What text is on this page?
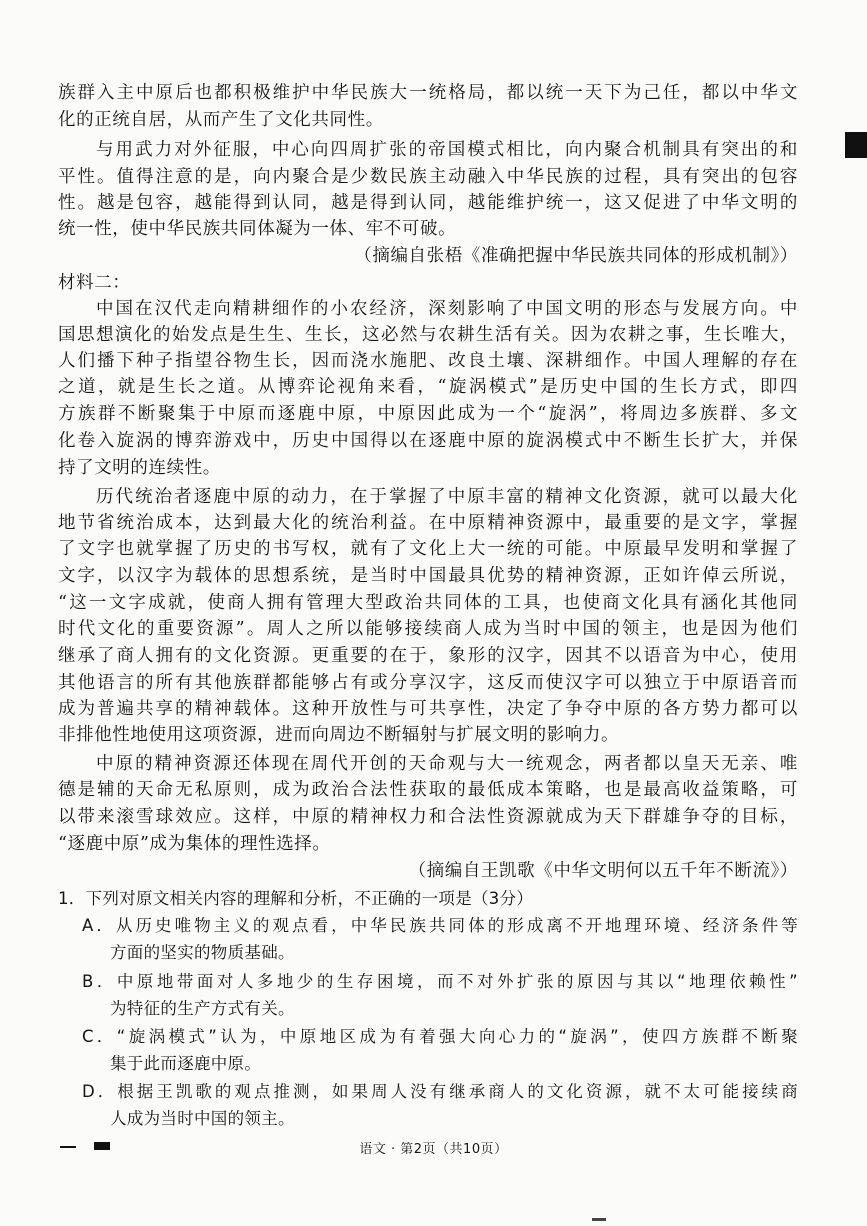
族群入主中原后也都积极维护中华民族大一统格局，都以统一天下为己任，都以中华文
化的正统自居，从而产生了文化共同性。
与用武力对外征服，中心向四周扩张的帝国模式相比，向内聚合机制具有突出的和
平性。值得注意的是，向内聚合是少数民族主动融入中华民族的过程，具有突出的包容
性。越是包容，越能得到认同，越是得到认同，越能维护统一，这又促进了中华文明的
统一性，使中华民族共同体凝为一体、牢不可破。
（摘编自张梧《准确把握中华民族共同体的形成机制》）
材料二：
中国在汉代走向精耕细作的小农经济，深刻影响了中国文明的形态与发展方向。中
国思想演化的始发点是生生、生长，这必然与农耕生活有关。因为农耕之事，生长唯大，
人们播下种子指望谷物生长，因而浇水施肥、改良土壤、深耕细作。中国人理解的存在
之道，就是生长之道。从博弈论视角来看，“旋涡模式”是历史中国的生长方式，即四
方族群不断聚集于中原而逐鹿中原，中原因此成为一个“旋涡”，将周边多族群、多文
化卷入旋涡的博弈游戏中，历史中国得以在逐鹿中原的旋涡模式中不断生长扩大，并保
持了文明的连续性。
历代统治者逐鹿中原的动力，在于掌握了中原丰富的精神文化资源，就可以最大化
地节省统治成本，达到最大化的统治利益。在中原精神资源中，最重要的是文字，掌握
了文字也就掌握了历史的书写权，就有了文化上大一统的可能。中原最早发明和掌握了
文字，以汉字为载体的思想系统，是当时中国最具优势的精神资源，正如许倬云所说，
“这一文字成就，使商人拥有管理大型政治共同体的工具，也使商文化具有涵化其他同
时代文化的重要资源”。周人之所以能够接续商人成为当时中国的领主，也是因为他们
继承了商人拥有的文化资源。更重要的在于，象形的汉字，因其不以语音为中心，使用
其他语言的所有其他族群都能够占有或分享汉字，这反而使汉字可以独立于中原语音而
成为普遍共享的精神载体。这种开放性与可共享性，决定了争夺中原的各方势力都可以
非排他性地使用这项资源，进而向周边不断辐射与扩展文明的影响力。
中原的精神资源还体现在周代开创的天命观与大一统观念，两者都以皇天无亲、唯
德是辅的天命无私原则，成为政治合法性获取的最低成本策略，也是最高收益策略，可
以带来滚雪球效应。这样，中原的精神权力和合法性资源就成为天下群雄争夺的目标，
“逐鹿中原”成为集体的理性选择。
（摘编自王凯歌《中华文明何以五千年不断流》）
1．下列对原文相关内容的理解和分析，不正确的一项是（3分）
A．从历史唯物主义的观点看，中华民族共同体的形成离不开地理环境、经济条件等
方面的坚实的物质基础。
B．中原地带面对人多地少的生存困境，而不对外扩张的原因与其以“地理依赖性”
为特征的生产方式有关。
C．“旋涡模式”认为，中原地区成为有着强大向心力的“旋涡”，使四方族群不断聚
集于此而逐鹿中原。
D．根据王凯歌的观点推测，如果周人没有继承商人的文化资源，就不太可能接续商
人成为当时中国的领主。
语文 · 第2页（共10页）
